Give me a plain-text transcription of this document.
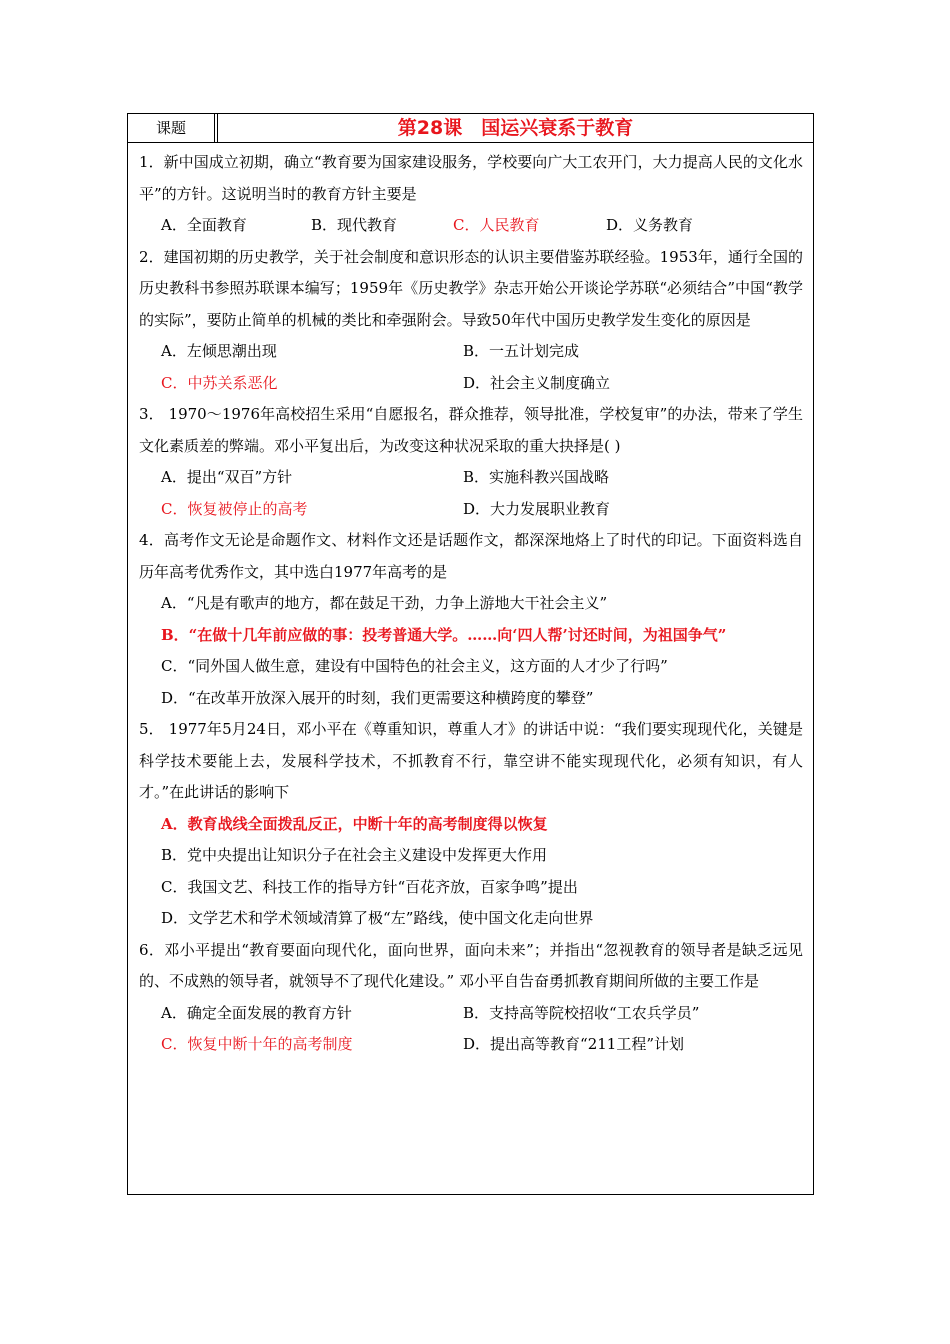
课题	第28课　国运兴衰系于教育

1．新中国成立初期，确立“教育要为国家建设服务，学校要向广大工农开门，大力提高人民的文化水平”的方针。这说明当时的教育方针主要是

A．全面教育	B．现代教育	C．人民教育	D．义务教育

2．建国初期的历史教学，关于社会制度和意识形态的认识主要借鉴苏联经验。1953年，通行全国的历史教科书参照苏联课本编写；1959年《历史教学》杂志开始公开谈论学苏联“必须结合”中国“教学的实际”，要防止简单的机械的类比和牵强附会。导致50年代中国历史教学发生变化的原因是

A．左倾思潮出现	B．一五计划完成
C．中苏关系恶化	D．社会主义制度确立

3． 1970～1976年高校招生采用“自愿报名，群众推荐，领导批准，学校复审”的办法，带来了学生文化素质差的弊端。邓小平复出后，为改变这种状况采取的重大抉择是( )

A．提出“双百”方针	B．实施科教兴国战略
C．恢复被停止的高考	D．大力发展职业教育

4．高考作文无论是命题作文、材料作文还是话题作文，都深深地烙上了时代的印记。下面资料选自历年高考优秀作文，其中选白1977年高考的是

A．“凡是有歌声的地方，都在鼓足干劲，力争上游地大干社会主义”

B．“在做十几年前应做的事：投考普通大学。……向‘四人帮’讨还时间，为祖国争气”

C．“同外国人做生意，建设有中国特色的社会主义，这方面的人才少了行吗”

D．“在改革开放深入展开的时刻，我们更需要这种横跨度的攀登”

5． 1977年5月24日，邓小平在《尊重知识，尊重人才》的讲话中说：“我们要实现现代化，关键是科学技术要能上去，发展科学技术，不抓教育不行，靠空讲不能实现现代化，必须有知识，有人才。”在此讲话的影响下

A．教育战线全面拨乱反正，中断十年的高考制度得以恢复

B．党中央提出让知识分子在社会主义建设中发挥更大作用

C．我国文艺、科技工作的指导方针“百花齐放，百家争鸣”提出

D．文学艺术和学术领域清算了极“左”路线，使中国文化走向世界

6．邓小平提出“教育要面向现代化，面向世界，面向未来”；并指出“忽视教育的领导者是缺乏远见的、不成熟的领导者，就领导不了现代化建设。” 邓小平自告奋勇抓教育期间所做的主要工作是

A．确定全面发展的教育方针	B．支持高等院校招收“工农兵学员”
C．恢复中断十年的高考制度	D．提出高等教育“211工程”计划
